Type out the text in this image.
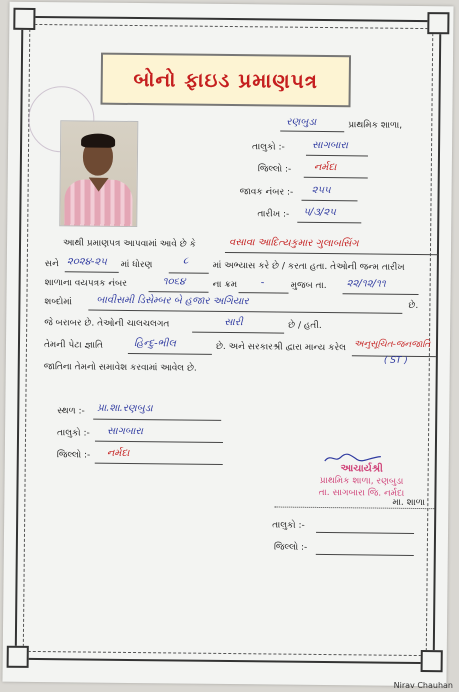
બોનો ફાઇડ પ્રમાણપત્ર
રણબુડા	પ્રાથમિક શાળા,
તાલુકો :-	સાગબારા
જિલ્લો :- નર્મદા
જાવક નંબર :- ૨૫૫
તારીખ :- ૫/૩/૨૫
આથી પ્રમાણપત્ર આપવામાં આવે છે કે	વસાવા આદિત્યકુમાર ગુલાબસિંગ
સને ૨૦૨૪-૨૫ માં ધોરણ	૮	માં અભ્યાસ કરે છે / કરતા હતા. તેઓની જન્મ તારીખ
શાળાના વયપત્રક નંબર	૧૦૬૪	ના ક્રમ -	મુજબ તા. ૨૨/૧૨/૧૧
શબ્દોમાં બાવીસમી ડિસેમ્બર બે હજાર અગિયાર	છે.
જે બરાબર છે. તેઓની ચાલચલગત	સારી	છે / હતી.
તેમની પેટા જ્ઞાતિ	હિન્દુ-ભીલ	છે. અને સરકારશ્રી દ્વારા માન્ય કરેલ અનુસૂચિત-જનજાતિ
( ST )
જાતિના તેમનો સમાવેશ કરવામાં આવેલ છે.
સ્થળ :- પ્રા.શા.રણબુડા
તાલુકો :- સાગબારા
જિલ્લો :- નર્મદા
આચાર્યશ્રી
પ્રાથમિક શાળા, રણબુડા
તા. સાગબારા જિ. નર્મદા
મા. શાળા
તાલુકો :-
જિલ્લો :-
Nirav Chauhan
